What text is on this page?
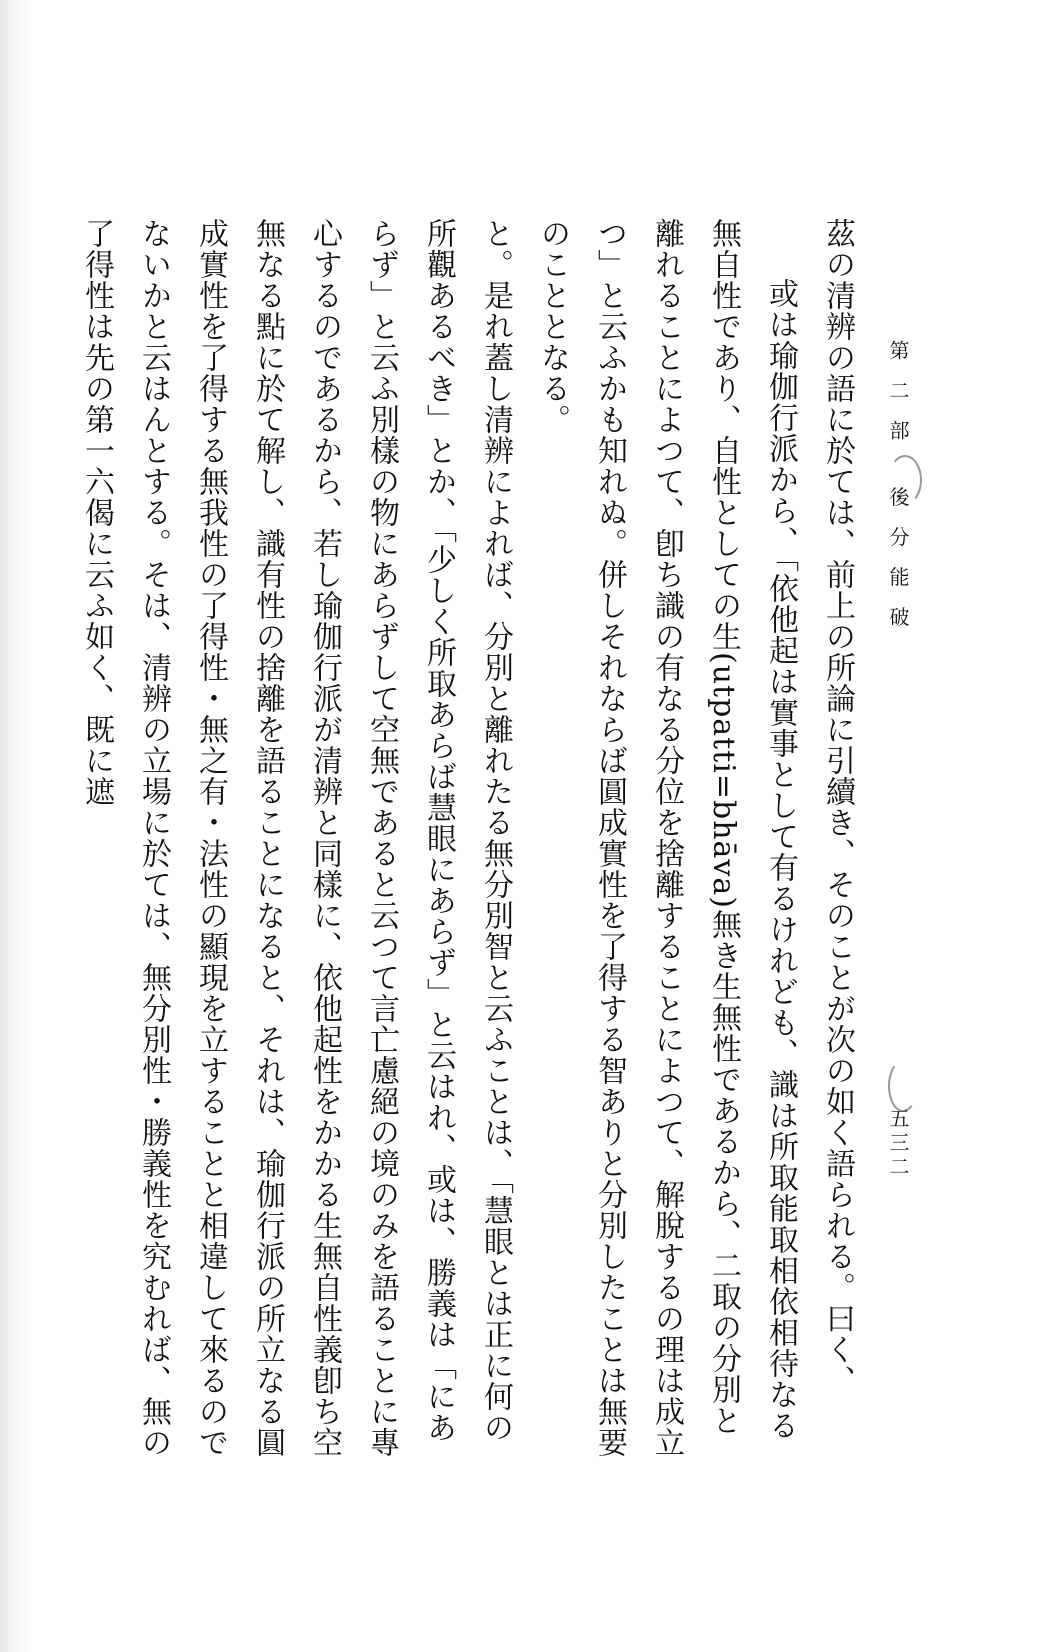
第二部 後分能破
五三二

茲の清辨の語に於ては、前上の所論に引續き、そのことが次の如く語られる。曰く、

或は瑜伽行派から、「依他起は實事として有るけれども、識は所取能取相依相待なる無自性であり、自性としての生(utpatti=bhāva)無き生無性であるから、二取の分別と離れることによつて、卽ち識の有なる分位を捨離することによつて、解脫するの理は成立つ」と云ふかも知れぬ。併しそれならば圓成實性を了得する智ありと分別したことは無要のこととなる。

と。是れ蓋し清辨によれば、分別と離れたる無分別智と云ふことは、「慧眼とは正に何の所觀あるべき」とか、「少しく所取あらば慧眼にあらず」と云はれ、或は、勝義は「にあらず」と云ふ別樣の物にあらずして空無であると云つて言亡慮絕の境のみを語ることに專心するのであるから、若し瑜伽行派が清辨と同樣に、依他起性をかかる生無自性義卽ち空無なる點に於て解し、識有性の捨離を語ることになると、それは、瑜伽行派の所立なる圓成實性を了得する無我性の了得性・無之有・法性の顯現を立することと相違して來るのでないかと云はんとする。そは、清辨の立場に於ては、無分別性・勝義性を究むれば、無の了得性は先の第一六偈に云ふ如く、既に遮
